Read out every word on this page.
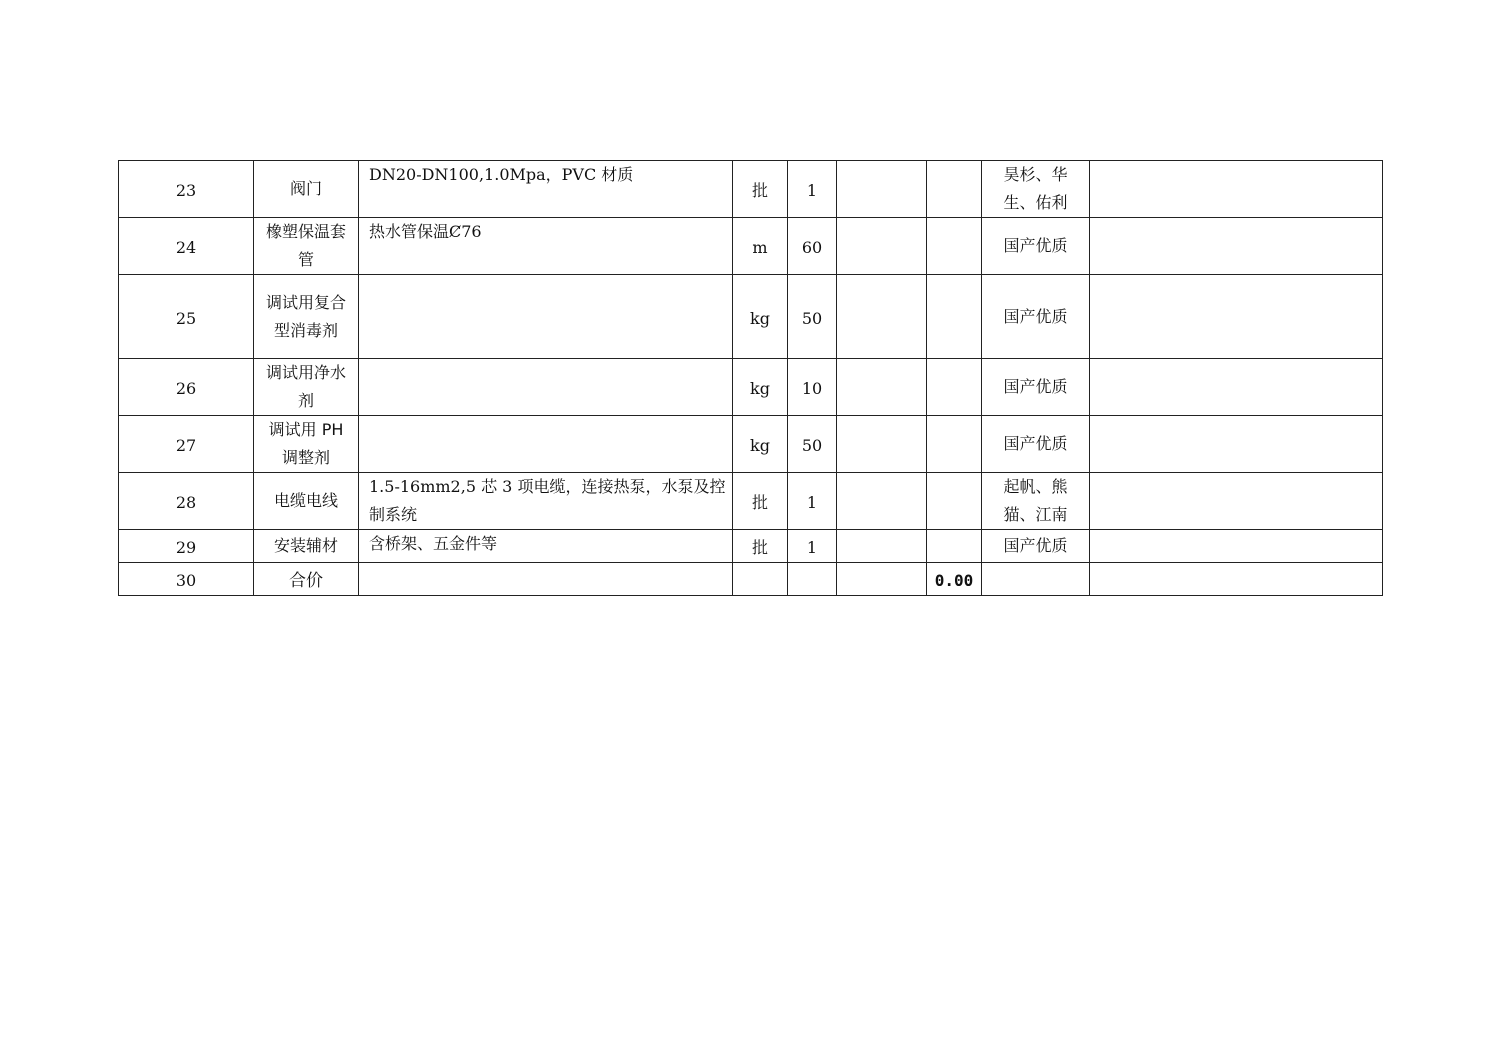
23	阀门	DN20-DN100,1.0Mpa，PVC 材质	批	1			昊杉、华生、佑利	
24	橡塑保温套管	热水管保温Ȼ76	m	60			国产优质	
25	调试用复合型消毒剂		kg	50			国产优质	
26	调试用净水剂		kg	10			国产优质	
27	调试用 PH 调整剂		kg	50			国产优质	
28	电缆电线	1.5-16mm2,5 芯 3 项电缆，连接热泵，水泵及控制系统	批	1			起帆、熊猫、江南	
29	安装辅材	含桥架、五金件等	批	1			国产优质	
30	合价					0.00		
